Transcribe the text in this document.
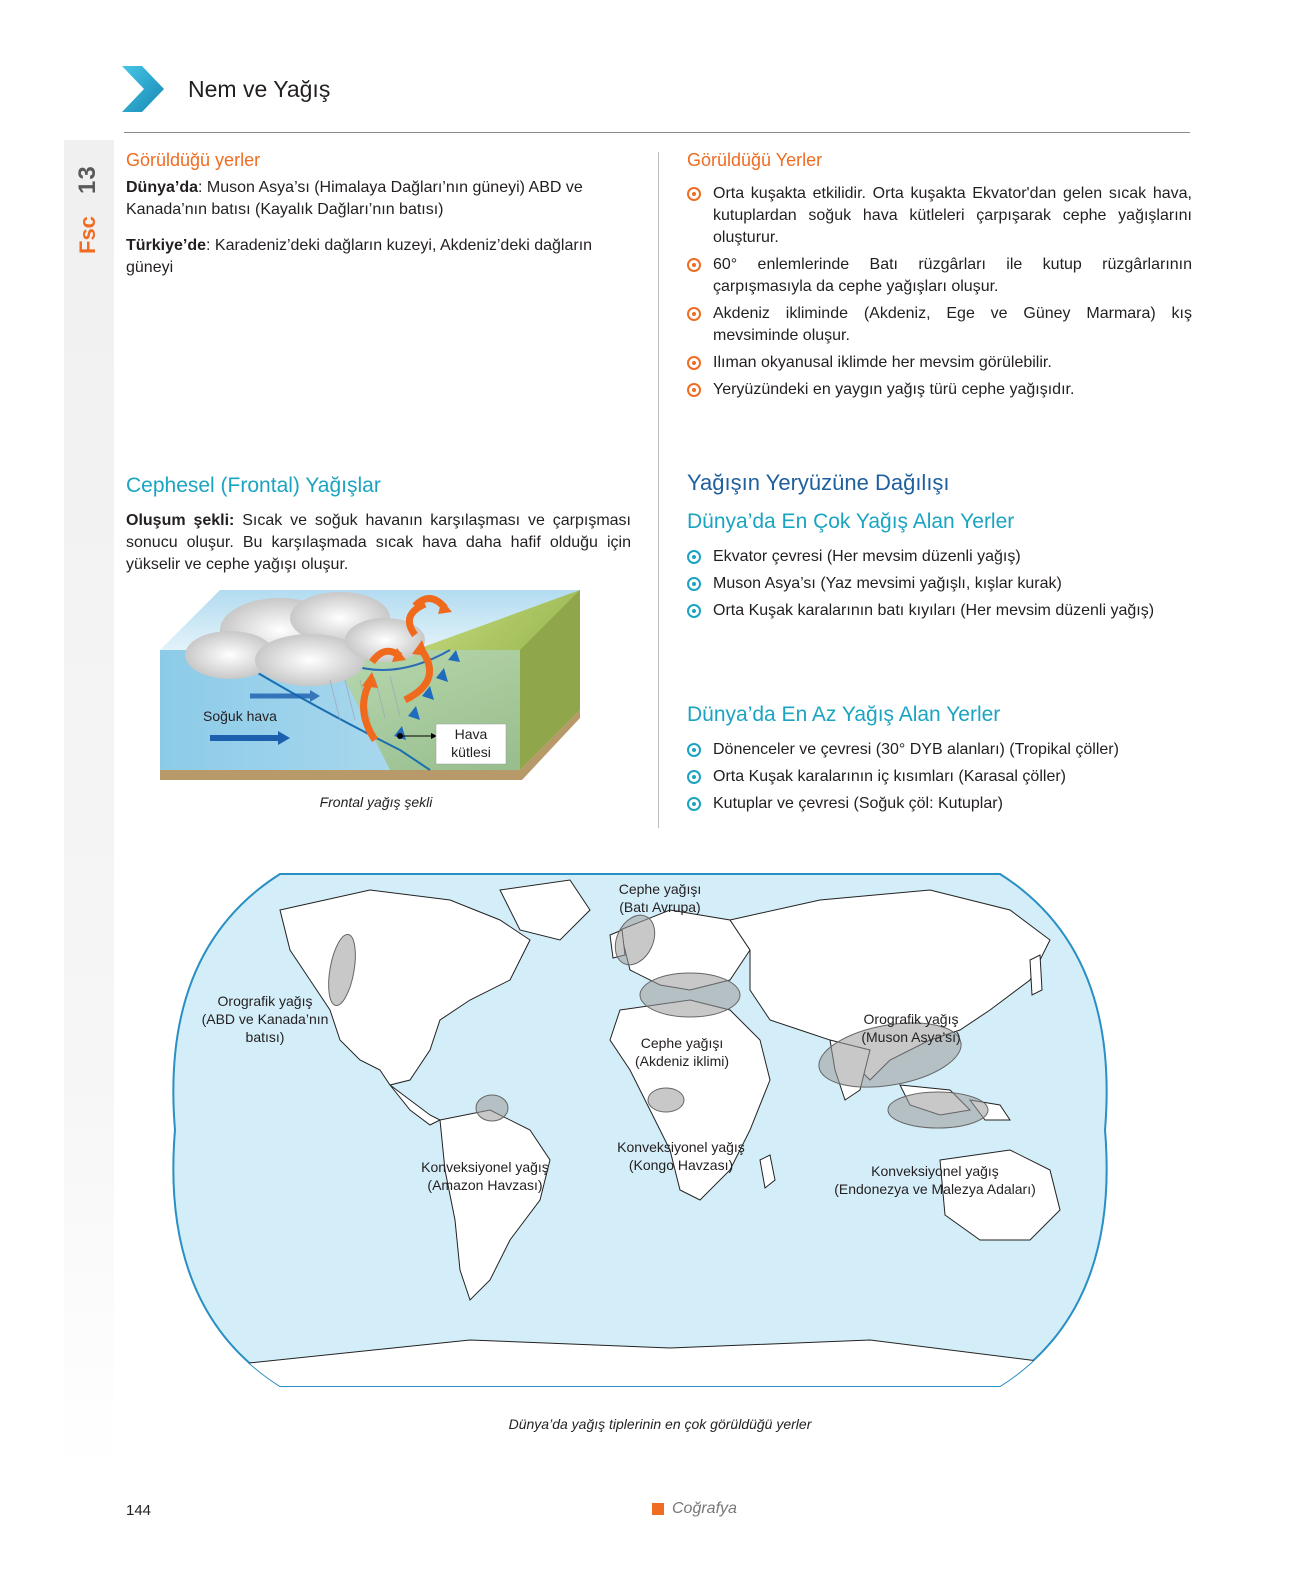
13
Fsc
Nem ve Yağış
Görüldüğü yerler

Dünya’da: Muson Asya’sı (Himalaya Dağları’nın güneyi) ABD ve Kanada’nın batısı (Kayalık Dağları’nın batısı)

Türkiye’de: Karadeniz’deki dağların kuzeyi, Akdeniz’deki dağların güneyi

Görüldüğü Yerler
Orta kuşakta etkilidir. Orta kuşakta Ekvator'dan gelen sıcak hava, kutuplardan soğuk hava kütleleri çarpışarak cephe yağışlarını oluşturur.
60° enlemlerinde Batı rüzgârları ile kutup rüzgârlarının çarpışmasıyla da cephe yağışları oluşur.
Akdeniz ikliminde (Akdeniz, Ege ve Güney Marmara) kış mevsiminde oluşur.
Ilıman okyanusal iklimde her mevsim görülebilir.
Yeryüzündeki en yaygın yağış türü cephe yağışıdır.
Cephesel (Frontal) Yağışlar

Oluşum şekli: Sıcak ve soğuk havanın karşılaşması ve çarpışması sonucu oluşur. Bu karşılaşmada sıcak hava daha hafif olduğu için yükselir ve cephe yağışı oluşur.

Soğuk hava
Hava
kütlesi
Frontal yağış şekli
Yağışın Yeryüzüne Dağılışı
Dünya’da En Çok Yağış Alan Yerler
Ekvator çevresi (Her mevsim düzenli yağış)
Muson Asya’sı (Yaz mevsimi yağışlı, kışlar kurak)
Orta Kuşak karalarının batı kıyıları (Her mevsim düzenli yağış)
Dünya’da En Az Yağış Alan Yerler
Dönenceler ve çevresi (30° DYB alanları) (Tropikal çöller)
Orta Kuşak karalarının iç kısımları (Karasal çöller)
Kutuplar ve çevresi (Soğuk çöl: Kutuplar)
Cephe yağışı
(Batı Avrupa)
Orografik yağış
(ABD ve Kanada’nın
batısı)	Cephe yağışı
(Akdeniz iklimi)
Orografik yağış
(Muson Asya’sı)
Konveksiyonel yağış
(Amazon Havzası)
Konveksiyonel yağış
(Kongo Havzası)	Konveksiyonel yağış
(Endonezya ve Malezya Adaları)
Dünya’da yağış tiplerinin en çok görüldüğü yerler
144	Coğrafya
